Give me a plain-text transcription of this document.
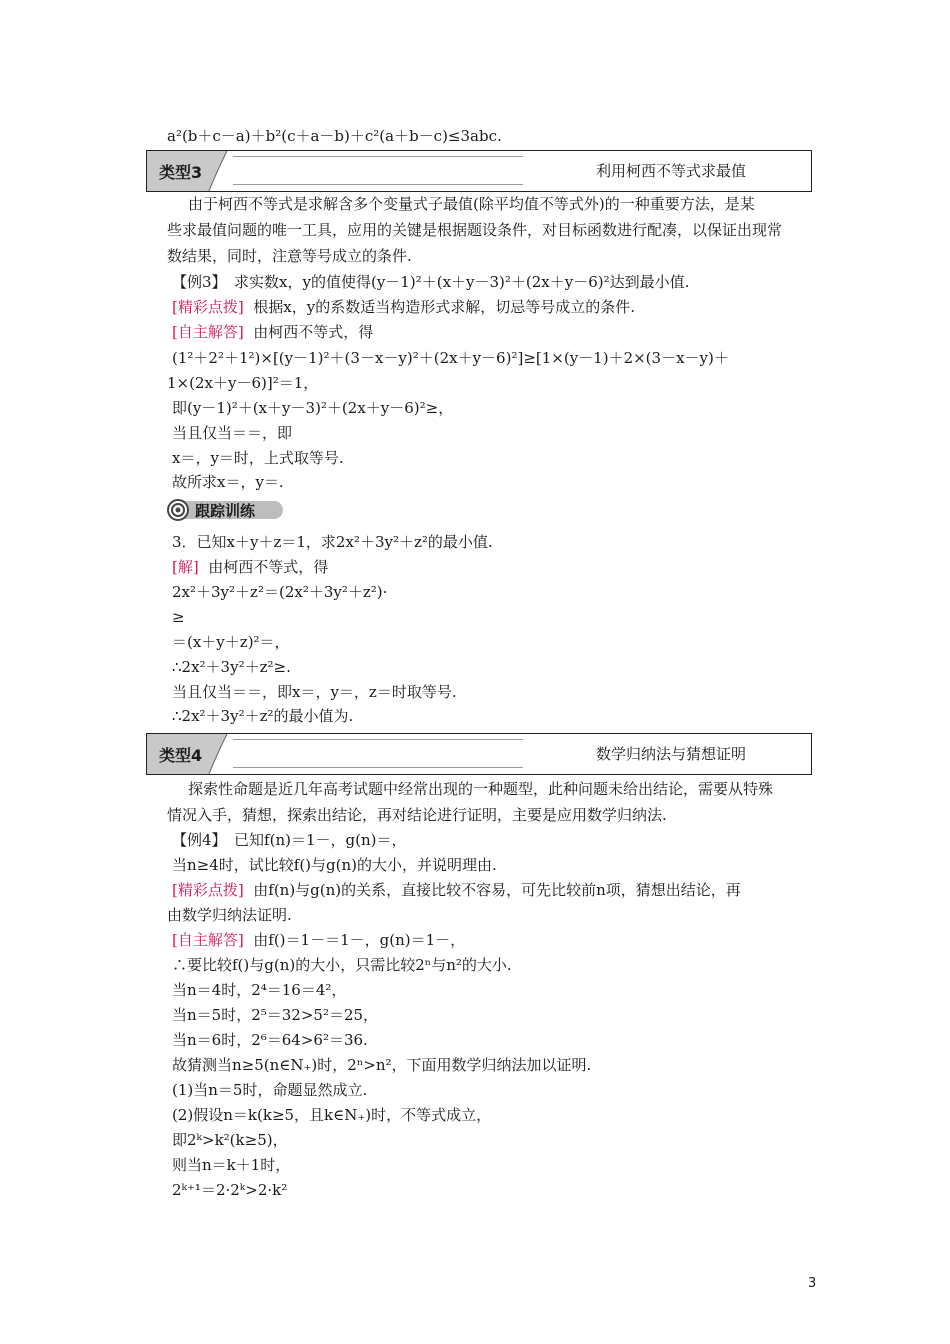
a²(b＋c－a)＋b²(c＋a－b)＋c²(a＋b－c)≤3abc.
类型3	利用柯西不等式求最值
由于柯西不等式是求解含多个变量式子最值(除平均值不等式外)的一种重要方法，是某
些求最值问题的唯一工具，应用的关键是根据题设条件，对目标函数进行配凑，以保证出现常
数结果，同时，注意等号成立的条件.
【例3】　求实数x，y的值使得(y－1)²＋(x＋y－3)²＋(2x＋y－6)²达到最小值.
[精彩点拨] 根据x，y的系数适当构造形式求解，切忌等号成立的条件.
[自主解答] 由柯西不等式，得
(1²＋2²＋1²)×[(y－1)²＋(3－x－y)²＋(2x＋y－6)²]≥[1×(y－1)＋2×(3－x－y)＋
1×(2x＋y－6)]²＝1，
即(y－1)²＋(x＋y－3)²＋(2x＋y－6)²≥，
当且仅当＝＝，即
x＝，y＝时，上式取等号.
故所求x＝，y＝.
跟踪训练
3．已知x＋y＋z＝1，求2x²＋3y²＋z²的最小值.
[解] 由柯西不等式，得
2x²＋3y²＋z²＝(2x²＋3y²＋z²)·
≥
＝(x＋y＋z)²＝，
∴2x²＋3y²＋z²≥.
当且仅当＝＝，即x＝，y＝，z＝时取等号.
∴2x²＋3y²＋z²的最小值为.
类型4	数学归纳法与猜想证明
探索性命题是近几年高考试题中经常出现的一种题型，此种问题未给出结论，需要从特殊
情况入手，猜想，探索出结论，再对结论进行证明，主要是应用数学归纳法.
【例4】　已知f(n)＝1－，g(n)＝，
当n≥4时，试比较f()与g(n)的大小，并说明理由.
[精彩点拨] 由f(n)与g(n)的关系，直接比较不容易，可先比较前n项，猜想出结论，再
由数学归纳法证明.
[自主解答] 由f()＝1－＝1－，g(n)＝1－，
∴要比较f()与g(n)的大小，只需比较2ⁿ与n²的大小.
当n＝4时，2⁴＝16＝4²，
当n＝5时，2⁵＝32>5²＝25，
当n＝6时，2⁶＝64>6²＝36.
故猜测当n≥5(n∈N₊)时，2ⁿ>n²，下面用数学归纳法加以证明.
(1)当n＝5时，命题显然成立.
(2)假设n＝k(k≥5，且k∈N₊)时，不等式成立，
即2ᵏ>k²(k≥5)，
则当n＝k＋1时，
2ᵏ⁺¹＝2·2ᵏ>2·k²
3
